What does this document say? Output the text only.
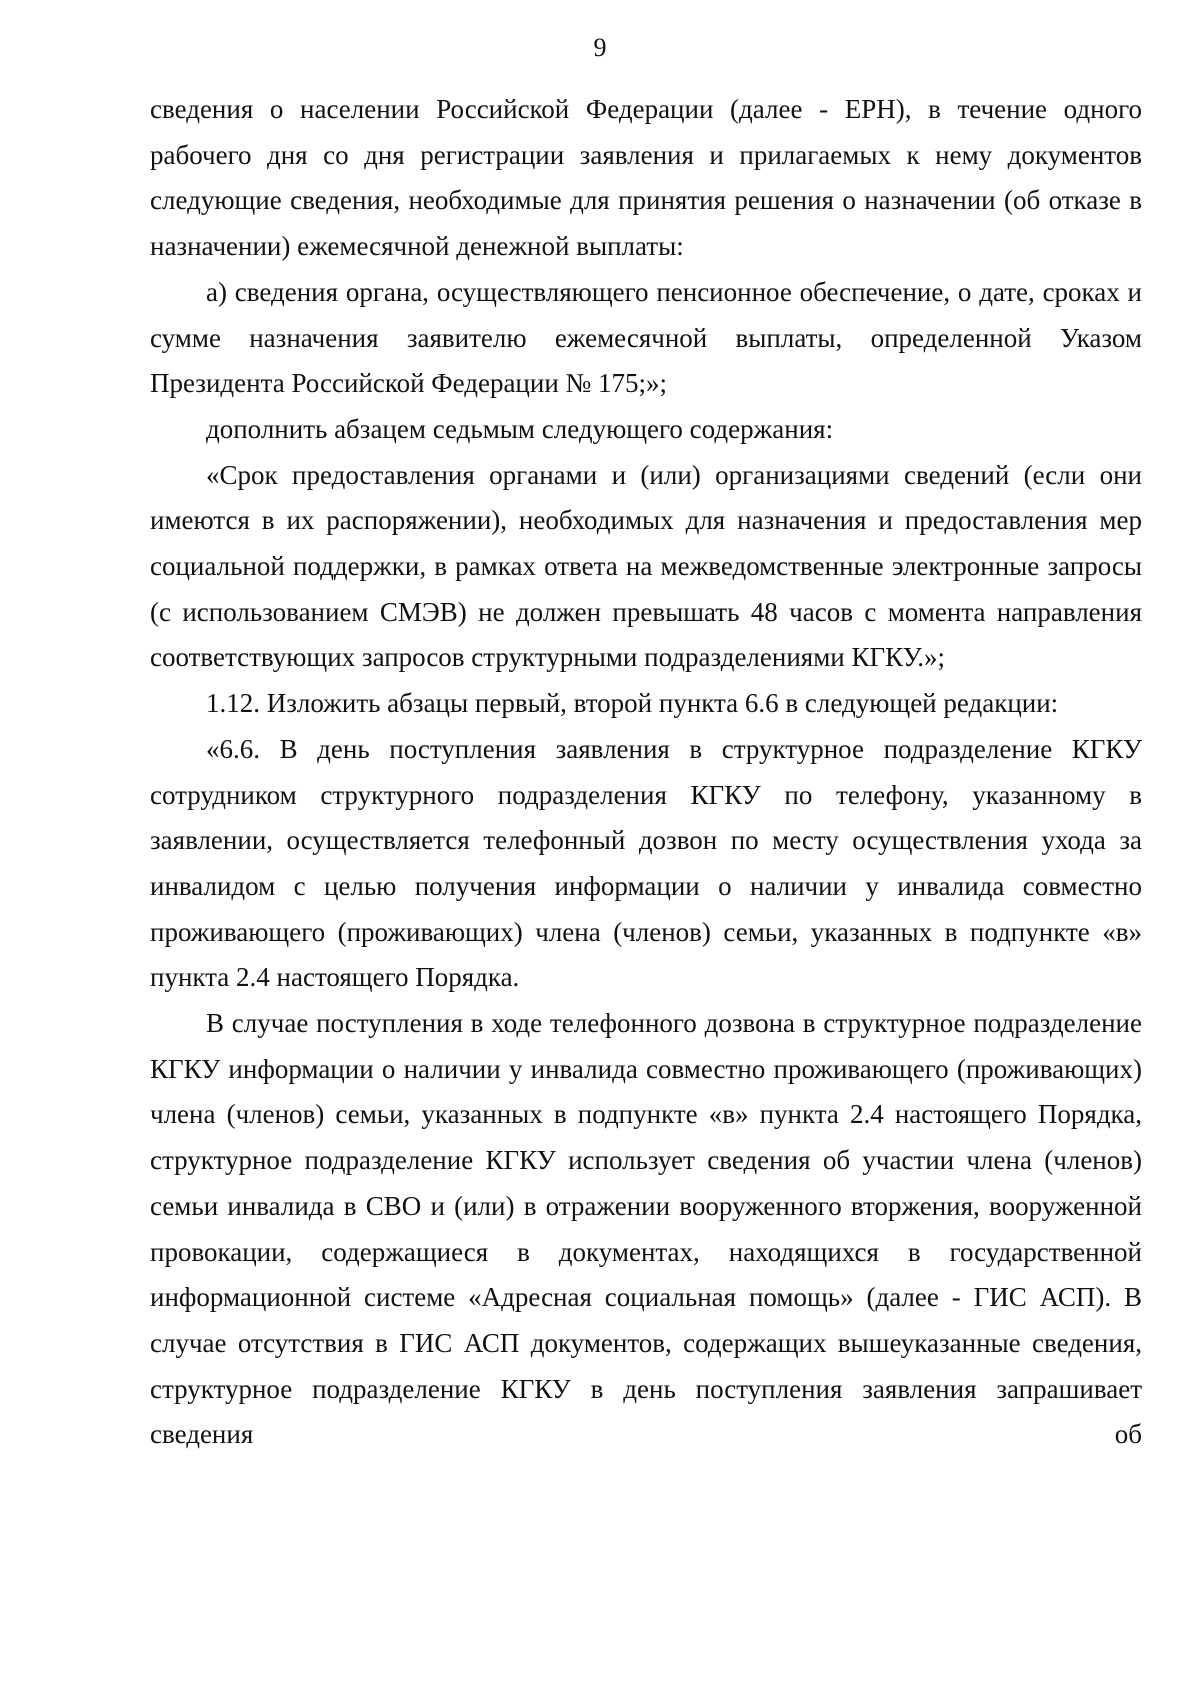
9

сведения о населении Российской Федерации (далее - ЕРН), в течение одного рабочего дня со дня регистрации заявления и прилагаемых к нему документов следующие сведения, необходимые для принятия решения о назначении (об отказе в назначении) ежемесячной денежной выплаты:

а) сведения органа, осуществляющего пенсионное обеспечение, о дате, сроках и сумме назначения заявителю ежемесячной выплаты, определенной Указом Президента Российской Федерации № 175;»;

дополнить абзацем седьмым следующего содержания:

«Срок предоставления органами и (или) организациями сведений (если они имеются в их распоряжении), необходимых для назначения и предоставления мер социальной поддержки, в рамках ответа на межведомственные электронные запросы (с использованием СМЭВ) не должен превышать 48 часов с момента направления соответствующих запросов структурными подразделениями КГКУ.»;

1.12. Изложить абзацы первый, второй пункта 6.6 в следующей редакции:

«6.6. В день поступления заявления в структурное подразделение КГКУ сотрудником структурного подразделения КГКУ по телефону, указанному в заявлении, осуществляется телефонный дозвон по месту осуществления ухода за инвалидом с целью получения информации о наличии у инвалида совместно проживающего (проживающих) члена (членов) семьи, указанных в подпункте «в» пункта 2.4 настоящего Порядка.

В случае поступления в ходе телефонного дозвона в структурное подразделение КГКУ информации о наличии у инвалида совместно проживающего (проживающих) члена (членов) семьи, указанных в подпункте «в» пункта 2.4 настоящего Порядка, структурное подразделение КГКУ использует сведения об участии члена (членов) семьи инвалида в СВО и (или) в отражении вооруженного вторжения, вооруженной провокации, содержащиеся в документах, находящихся в государственной информационной системе «Адресная социальная помощь» (далее - ГИС АСП). В случае отсутствия в ГИС АСП документов, содержащих вышеуказанные сведения, структурное подразделение КГКУ в день поступления заявления запрашивает сведения об
